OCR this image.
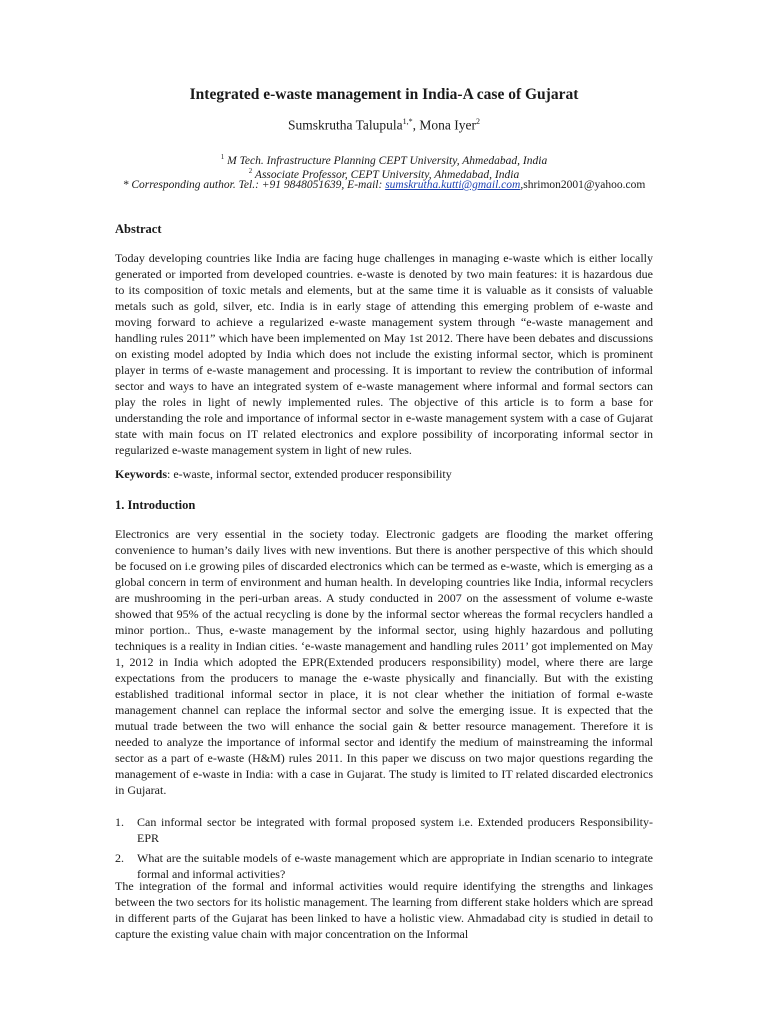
Integrated e-waste management in India-A case of Gujarat
Sumskrutha Talupula$^{1,*}$, Mona Iyer$^2$
$^1$ M Tech. Infrastructure Planning CEPT University, Ahmedabad, India
$^2$ Associate Professor, CEPT University, Ahmedabad, India
* Corresponding author. Tel.: +91 9848051639, E-mail: sumskrutha.kutti@gmail.com,shrimon2001@yahoo.com
Abstract

Today developing countries like India are facing huge challenges in managing e-waste which is either locally generated or imported from developed countries. e-waste is denoted by two main features: it is hazardous due to its composition of toxic metals and elements, but at the same time it is valuable as it consists of valuable metals such as gold, silver, etc. India is in early stage of attending this emerging problem of e-waste and moving forward to achieve a regularized e-waste management system through “e-waste management and handling rules 2011” which have been implemented on May 1st 2012. There have been debates and discussions on existing model adopted by India which does not include the existing informal sector, which is prominent player in terms of e-waste management and processing. It is important to review the contribution of informal sector and ways to have an integrated system of e-waste management where informal and formal sectors can play the roles in light of newly implemented rules. The objective of this article is to form a base for understanding the role and importance of informal sector in e-waste management system with a case of Gujarat state with main focus on IT related electronics and explore possibility of incorporating informal sector in regularized e-waste management system in light of new rules.

Keywords: e-waste, informal sector, extended producer responsibility
1. Introduction

Electronics are very essential in the society today. Electronic gadgets are flooding the market offering convenience to human’s daily lives with new inventions. But there is another perspective of this which should be focused on i.e growing piles of discarded electronics which can be termed as e-waste, which is emerging as a global concern in term of environment and human health. In developing countries like India, informal recyclers are mushrooming in the peri-urban areas. A study conducted in 2007 on the assessment of volume e-waste showed that 95% of the actual recycling is done by the informal sector whereas the formal recyclers handled a minor portion.. Thus, e-waste management by the informal sector, using highly hazardous and polluting techniques is a reality in Indian cities. ‘e-waste management and handling rules 2011’ got implemented on May 1, 2012 in India which adopted the EPR(Extended producers responsibility) model, where there are large expectations from the producers to manage the e-waste physically and financially. But with the existing established traditional informal sector in place, it is not clear whether the initiation of formal e-waste management channel can replace the informal sector and solve the emerging issue. It is expected that the mutual trade between the two will enhance the social gain & better resource management. Therefore it is needed to analyze the importance of informal sector and identify the medium of mainstreaming the informal sector as a part of e-waste (H&M) rules 2011. In this paper we discuss on two major questions regarding the management of e-waste in India: with a case in Gujarat. The study is limited to IT related discarded electronics in Gujarat.

1. Can informal sector be integrated with formal proposed system i.e. Extended producers Responsibility-EPR
2. What are the suitable models of e-waste management which are appropriate in Indian scenario to integrate formal and informal activities?

The integration of the formal and informal activities would require identifying the strengths and linkages between the two sectors for its holistic management. The learning from different stake holders which are spread in different parts of the Gujarat has been linked to have a holistic view. Ahmadabad city is studied in detail to capture the existing value chain with major concentration on the Informal
